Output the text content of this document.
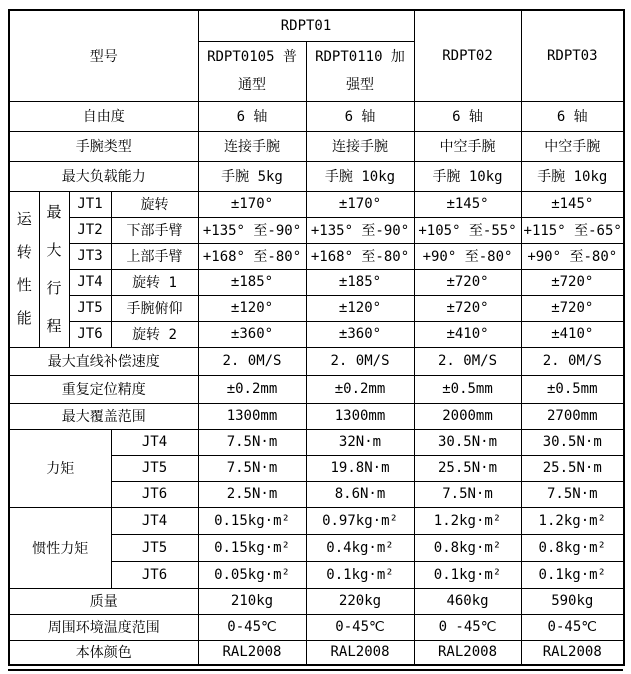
型号				RDPT01		RDPT02	RDPT03
				RDPT0105 普通型	RDPT0110 加强型		
自由度				6 轴	6 轴	6 轴	6 轴
手腕类型				连接手腕	连接手腕	中空手腕	中空手腕
最大负载能力				手腕 5kg	手腕 10kg	手腕 10kg	手腕 10kg
运转性能	最大行程	JT1	旋转	±170°	±170°	±145°	±145°
		JT2	下部手臂	+135° 至-90°	+135° 至-90°	+105° 至-55°	+115° 至-65°
		JT3	上部手臂	+168° 至-80°	+168° 至-80°	+90° 至-80°	+90° 至-80°
		JT4	旋转 1	±185°	±185°	±720°	±720°
		JT5	手腕俯仰	±120°	±120°	±720°	±720°
		JT6	旋转 2	±360°	±360°	±410°	±410°
最大直线补偿速度				2. 0M/S	2. 0M/S	2. 0M/S	2. 0M/S
重复定位精度				±0.2mm	±0.2mm	±0.5mm	±0.5mm
最大覆盖范围				1300mm	1300mm	2000mm	2700mm
力矩			JT4	7.5N·m	32N·m	30.5N·m	30.5N·m
			JT5	7.5N·m	19.8N·m	25.5N·m	25.5N·m
			JT6	2.5N·m	8.6N·m	7.5N·m	7.5N·m
惯性力矩			JT4	0.15kg·m²	0.97kg·m²	1.2kg·m²	1.2kg·m²
			JT5	0.15kg·m²	0.4kg·m²	0.8kg·m²	0.8kg·m²
			JT6	0.05kg·m²	0.1kg·m²	0.1kg·m²	0.1kg·m²
质量				210kg	220kg	460kg	590kg
周围环境温度范围				0-45℃	0-45℃	0 -45℃	0-45℃
本体颜色				RAL2008	RAL2008	RAL2008	RAL2008
